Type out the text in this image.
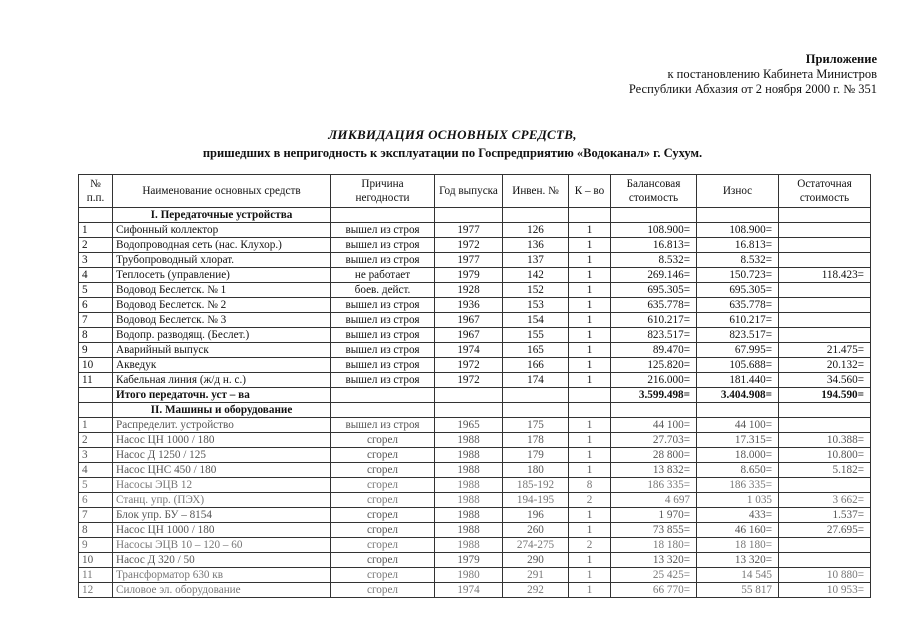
Приложение
к постановлению Кабинета Министров
Республики Абхазия от 2 ноября 2000 г. № 351
ЛИКВИДАЦИЯ ОСНОВНЫХ СРЕДСТВ,
пришедших в непригодность к эксплуатации по Госпредприятию «Водоканал» г. Сухум.
№ п.п.	Наименование основных средств	Причина негодности	Год выпуска	Инвен. №	К – во	Балансовая стоимость	Износ	Остаточная стоимость
	I. Передаточные устройства							
1	Сифонный коллектор	вышел из строя	1977	126	1	108.900=	108.900=	
2	Водопроводная сеть (нас. Клухор.)	вышел из строя	1972	136	1	16.813=	16.813=	
3	Трубопроводный хлорат.	вышел из строя	1977	137	1	8.532=	8.532=	
4	Теплосеть (управление)	не работает	1979	142	1	269.146=	150.723=	118.423=
5	Водовод Беслетск. № 1	боев. дейст.	1928	152	1	695.305=	695.305=	
6	Водовод Беслетск. № 2	вышел из строя	1936	153	1	635.778=	635.778=	
7	Водовод Беслетск. № 3	вышел из строя	1967	154	1	610.217=	610.217=	
8	Водопр. разводящ. (Беслет.)	вышел из строя	1967	155	1	823.517=	823.517=	
9	Аварийный выпуск	вышел из строя	1974	165	1	89.470=	67.995=	21.475=
10	Акведук	вышел из строя	1972	166	1	125.820=	105.688=	20.132=
11	Кабельная линия (ж/д н. с.)	вышел из строя	1972	174	1	216.000=	181.440=	34.560=
	Итого передаточн. уст – ва					3.599.498=	3.404.908=	194.590=
	II. Машины и оборудование							
1	Распределит. устройство	вышел из строя	1965	175	1	44 100=	44 100=	
2	Насос ЦН 1000 / 180	сгорел	1988	178	1	27.703=	17.315=	10.388=
3	Насос Д 1250 / 125	сгорел	1988	179	1	28 800=	18.000=	10.800=
4	Насос ЦНС 450 / 180	сгорел	1988	180	1	13 832=	8.650=	5.182=
5	Насосы ЭЦВ 12	сгорел	1988	185-192	8	186 335=	186 335=	
6	Станц. упр. (ПЭХ)	сгорел	1988	194-195	2	4 697	1 035	3 662=
7	Блок упр. БУ – 8154	сгорел	1988	196	1	1 970=	433=	1.537=
8	Насос ЦН 1000 / 180	сгорел	1988	260	1	73 855=	46 160=	27.695=
9	Насосы ЭЦВ 10 – 120 – 60	сгорел	1988	274-275	2	18 180=	18 180=	
10	Насос Д 320 / 50	сгорел	1979	290	1	13 320=	13 320=	
11	Трансформатор 630 кв	сгорел	1980	291	1	25 425=	14 545	10 880=
12	Силовое эл. оборудование	сгорел	1974	292	1	66 770=	55 817	10 953=
